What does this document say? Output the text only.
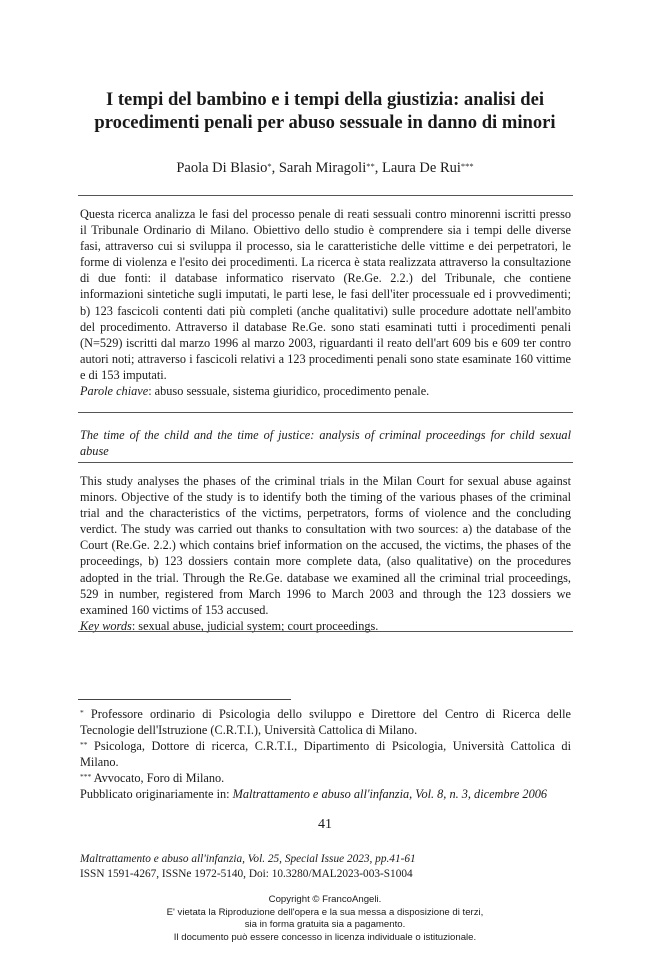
I tempi del bambino e i tempi della giustizia: analisi dei procedimenti penali per abuso sessuale in danno di minori
Paola Di Blasio*, Sarah Miragoli**, Laura De Rui***

Questa ricerca analizza le fasi del processo penale di reati sessuali contro minorenni iscritti presso il Tribunale Ordinario di Milano. Obiettivo dello studio è comprendere sia i tempi delle diverse fasi, attraverso cui si sviluppa il processo, sia le caratteristiche delle vittime e dei perpetratori, le forme di violenza e l'esito dei procedimenti. La ricerca è stata realizzata attraverso la consultazione di due fonti: il database informatico riservato (Re.Ge. 2.2.) del Tribunale, che contiene informazioni sintetiche sugli imputati, le parti lese, le fasi dell'iter processuale ed i provvedimenti; b) 123 fascicoli contenti dati più completi (anche qualitativi) sulle procedure adottate nell'ambito del procedimento. Attraverso il database Re.Ge. sono stati esaminati tutti i procedimenti penali (N=529) iscritti dal marzo 1996 al marzo 2003, riguardanti il reato dell'art 609 bis e 609 ter contro autori noti; attraverso i fascicoli relativi a 123 procedimenti penali sono state esaminate 160 vittime e di 153 imputati.

Parole chiave: abuso sessuale, sistema giuridico, procedimento penale.

The time of the child and the time of justice: analysis of criminal proceedings for child sexual abuse

This study analyses the phases of the criminal trials in the Milan Court for sexual abuse against minors. Objective of the study is to identify both the timing of the various phases of the criminal trial and the characteristics of the victims, perpetrators, forms of violence and the concluding verdict. The study was carried out thanks to consultation with two sources: a) the database of the Court (Re.Ge. 2.2.) which contains brief information on the accused, the victims, the phases of the proceedings, b) 123 dossiers contain more complete data, (also qualitative) on the procedures adopted in the trial. Through the Re.Ge. database we examined all the criminal trial proceedings, 529 in number, registered from March 1996 to March 2003 and through the 123 dossiers we examined 160 victims of 153 accused.

Key words: sexual abuse, judicial system; court proceedings.

* Professore ordinario di Psicologia dello sviluppo e Direttore del Centro di Ricerca delle Tecnologie dell'Istruzione (C.R.T.I.), Università Cattolica di Milano.

** Psicologa, Dottore di ricerca, C.R.T.I., Dipartimento di Psicologia, Università Cattolica di Milano.

*** Avvocato, Foro di Milano.

Pubblicato originariamente in: Maltrattamento e abuso all'infanzia, Vol. 8, n. 3, dicembre 2006

41
Maltrattamento e abuso all'infanzia, Vol. 25, Special Issue 2023, pp.41-61
ISSN 1591-4267, ISSNe 1972-5140, Doi: 10.3280/MAL2023-003-S1004
Copyright © FrancoAngeli.
E' vietata la Riproduzione dell'opera e la sua messa a disposizione di terzi,
sia in forma gratuita sia a pagamento.
Il documento può essere concesso in licenza individuale o istituzionale.
